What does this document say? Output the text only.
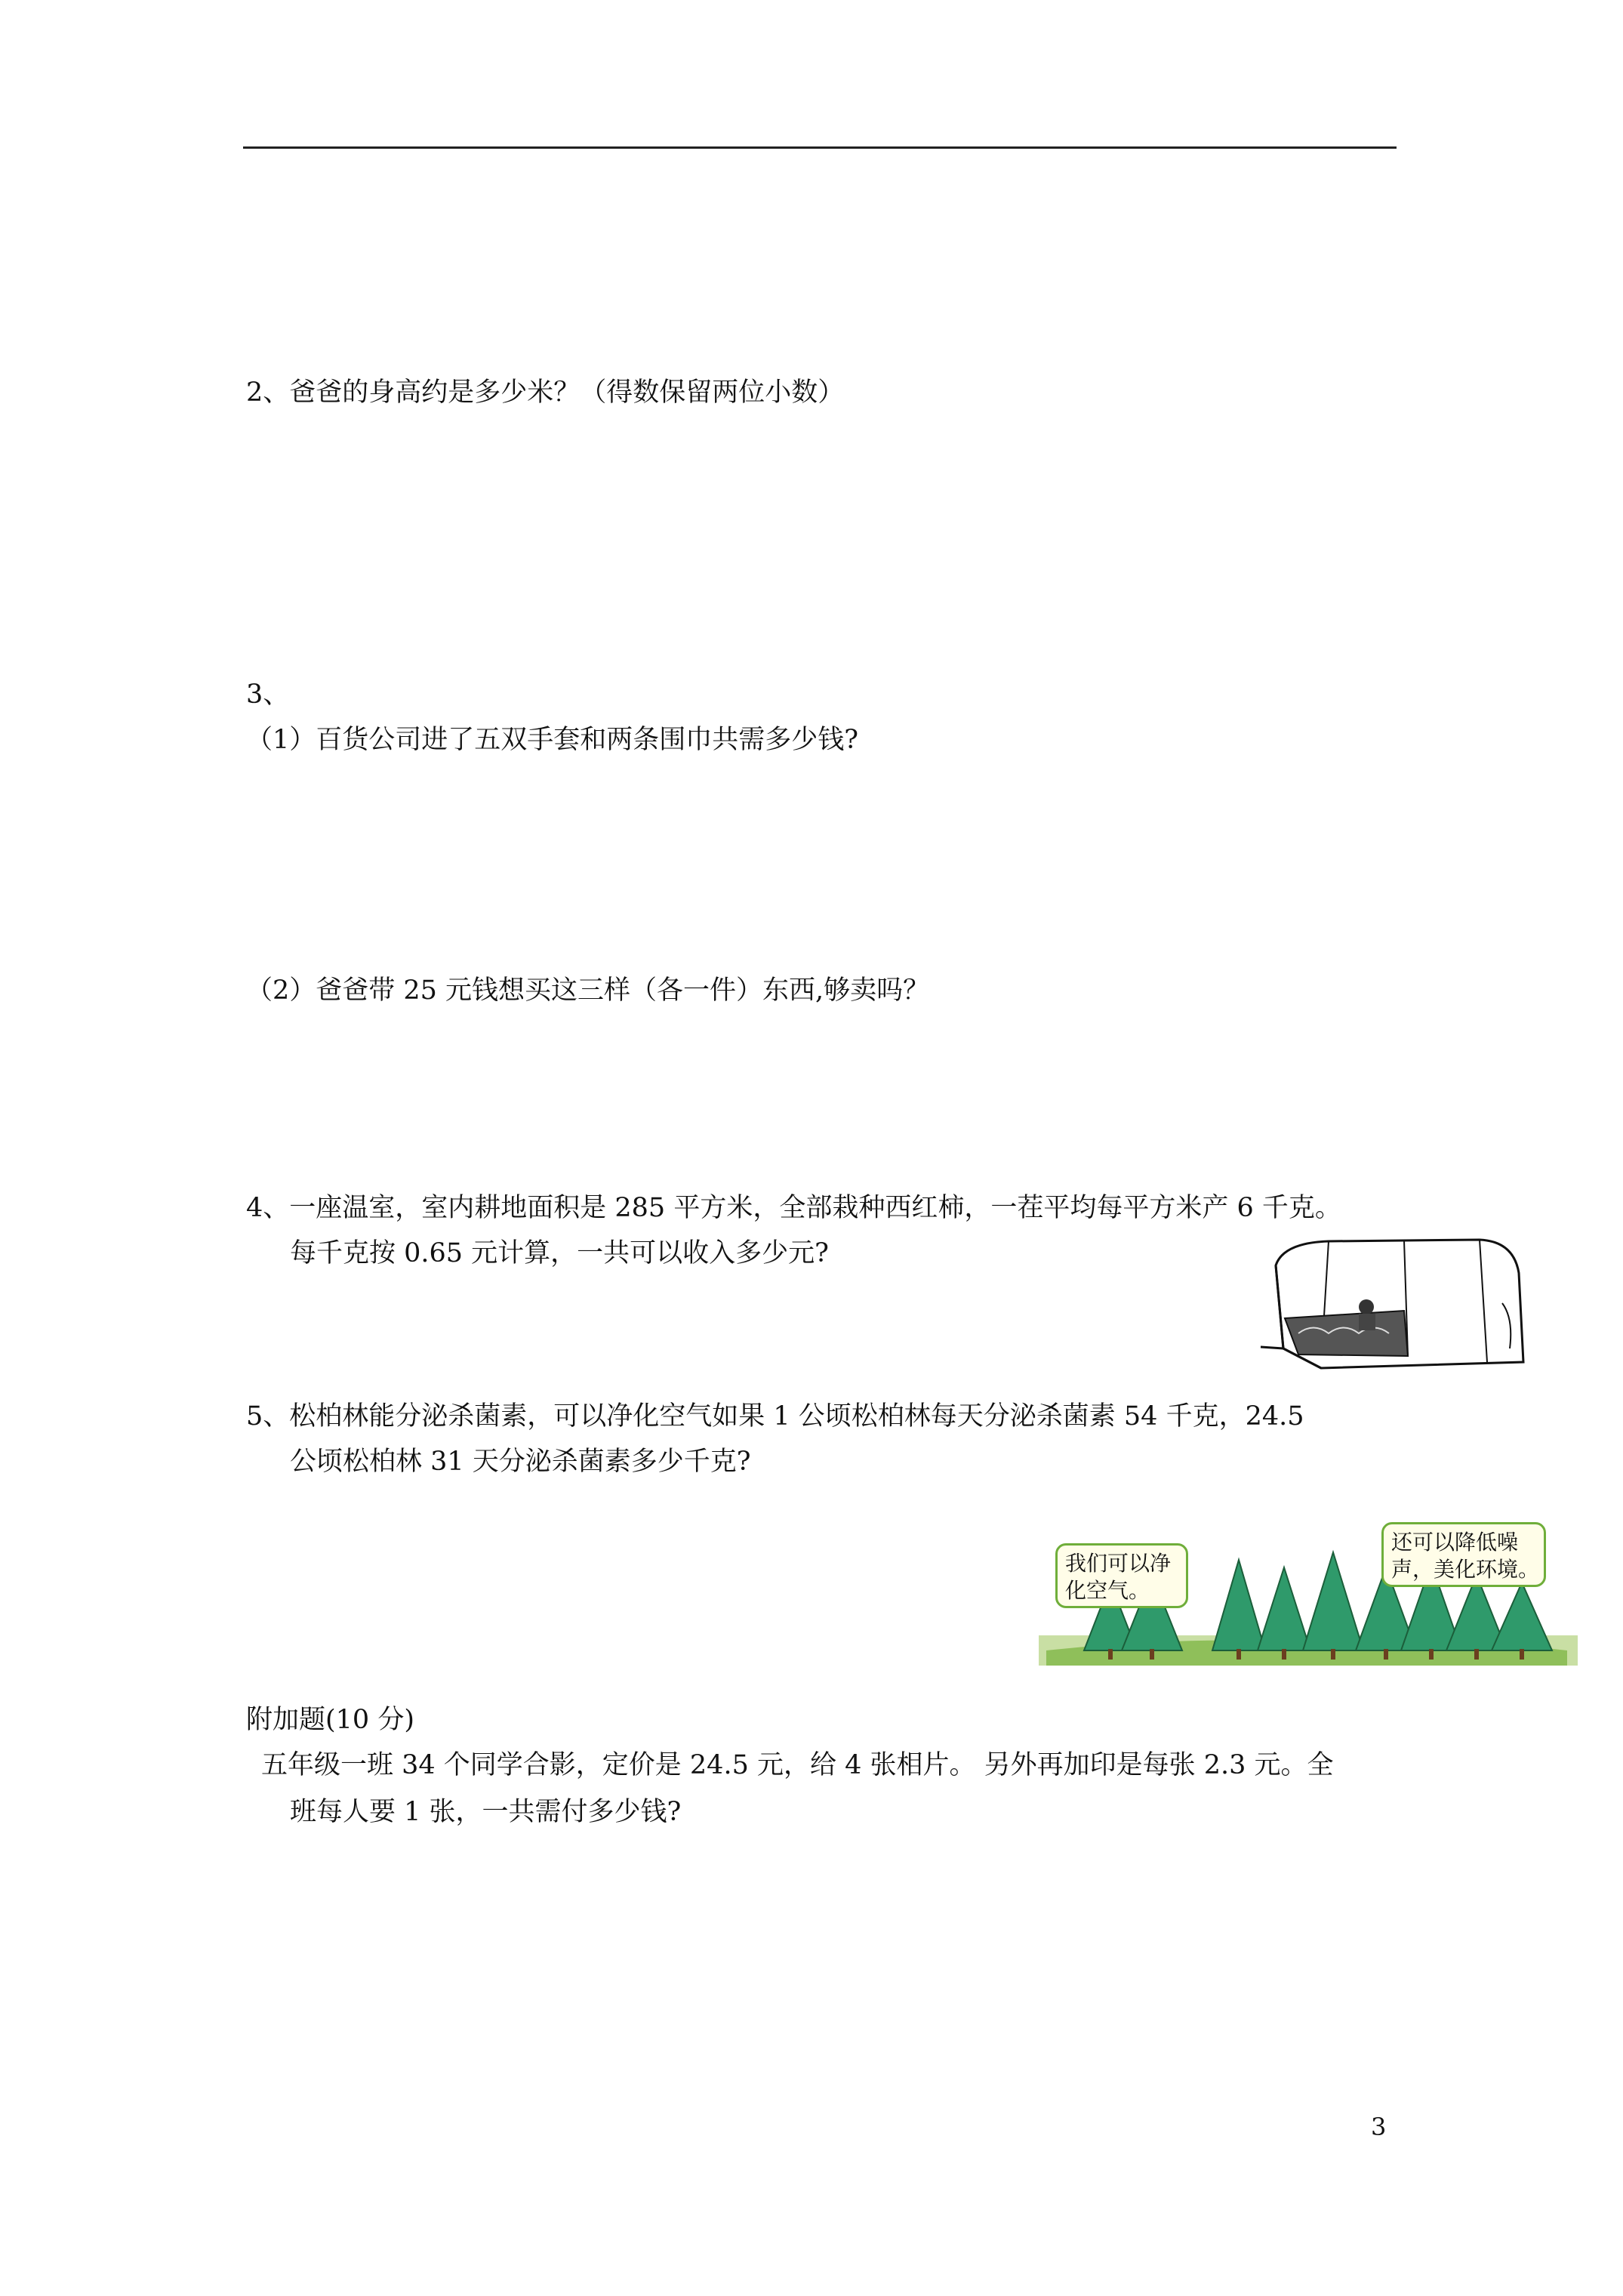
2、爸爸的身高约是多少米？（得数保留两位小数）
3、
（1）百货公司进了五双手套和两条围巾共需多少钱?
（2）爸爸带 25 元钱想买这三样（各一件）东西,够卖吗？
4、一座温室，室内耕地面积是 285 平方米，全部栽种西红柿，一茬平均每平方米产 6 千克。
每千克按 0.65 元计算，一共可以收入多少元?
5、松柏林能分泌杀菌素，可以净化空气如果 1 公顷松柏林每天分泌杀菌素 54 千克，24.5
公顷松柏林 31 天分泌杀菌素多少千克?
我们可以净
化空气。
还可以降低噪
声，美化环境。
附加题(10 分)
五年级一班 34 个同学合影，定价是 24.5 元，给 4 张相片。 另外再加印是每张 2.3 元。全
班每人要 1 张，一共需付多少钱?
3
